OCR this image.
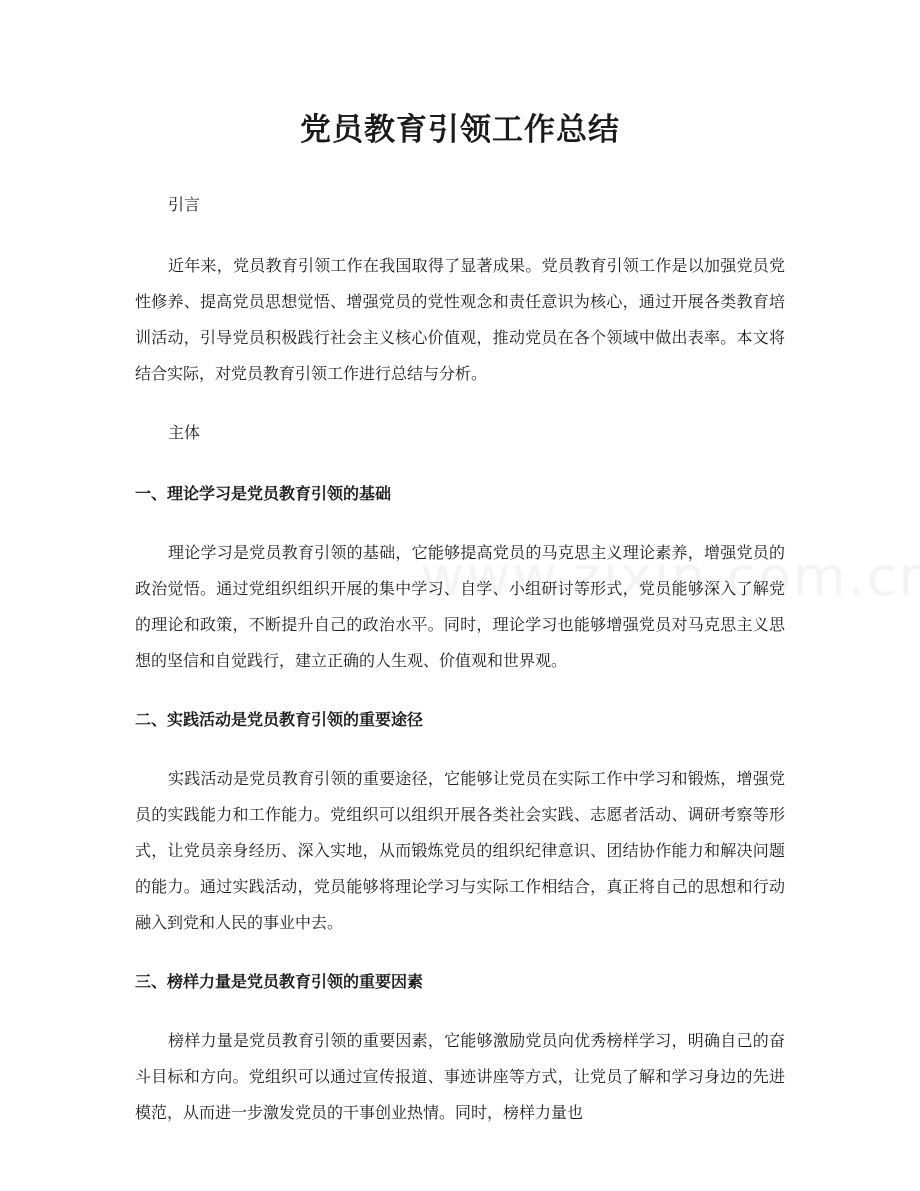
党员教育引领工作总结

引言

近年来，党员教育引领工作在我国取得了显著成果。党员教育引领工作是以加强党员党性修养、提高党员思想觉悟、增强党员的党性观念和责任意识为核心，通过开展各类教育培训活动，引导党员积极践行社会主义核心价值观，推动党员在各个领域中做出表率。本文将结合实际，对党员教育引领工作进行总结与分析。

主体

一、理论学习是党员教育引领的基础

理论学习是党员教育引领的基础，它能够提高党员的马克思主义理论素养，增强党员的政治觉悟。通过党组织组织开展的集中学习、自学、小组研讨等形式，党员能够深入了解党的理论和政策，不断提升自己的政治水平。同时，理论学习也能够增强党员对马克思主义思想的坚信和自觉践行，建立正确的人生观、价值观和世界观。

二、实践活动是党员教育引领的重要途径

实践活动是党员教育引领的重要途径，它能够让党员在实际工作中学习和锻炼，增强党员的实践能力和工作能力。党组织可以组织开展各类社会实践、志愿者活动、调研考察等形式，让党员亲身经历、深入实地，从而锻炼党员的组织纪律意识、团结协作能力和解决问题的能力。通过实践活动，党员能够将理论学习与实际工作相结合，真正将自己的思想和行动融入到党和人民的事业中去。

三、榜样力量是党员教育引领的重要因素

榜样力量是党员教育引领的重要因素，它能够激励党员向优秀榜样学习，明确自己的奋斗目标和方向。党组织可以通过宣传报道、事迹讲座等方式，让党员了解和学习身边的先进模范，从而进一步激发党员的干事创业热情。同时，榜样力量也
